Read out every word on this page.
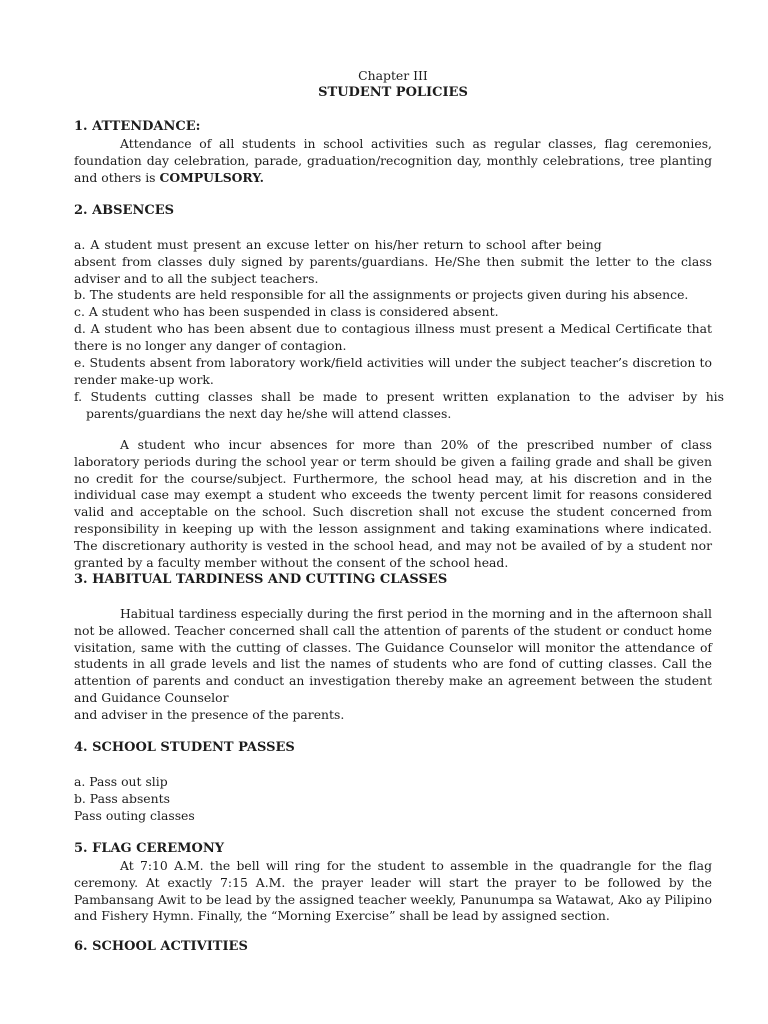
Chapter III
STUDENT POLICIES
1. ATTENDANCE:

Attendance of all students in school activities such as regular classes, flag ceremonies, foundation day celebration, parade, graduation/recognition day, monthly celebrations, tree planting and others is COMPULSORY.

2. ABSENCES

a. A student must present an excuse letter on his/her return to school after being                       absent from classes duly signed by parents/guardians. He/She then submit the letter to the class adviser and to all the subject teachers.

b. The students are held responsible for all the assignments or projects given during his absence.

c. A student who has been suspended in class is considered absent.

d. A student who has been absent due to contagious illness must present a Medical Certificate that there is no longer any danger of contagion.

e. Students absent from laboratory work/field activities will under the subject teacher’s discretion to render make-up work.

f. Students cutting classes shall be made to present written explanation to the adviser by his parents/guardians the next day he/she will attend classes.

A student who incur absences for more than 20% of the prescribed number of class laboratory periods during the school year or term should be given a failing grade and shall be given no credit for the course/subject. Furthermore, the school head may, at his discretion and in the individual case may exempt a student who exceeds the twenty percent limit for reasons considered valid and acceptable on the school. Such discretion shall not excuse the student concerned from responsibility in keeping up with the lesson assignment and taking examinations where indicated. The discretionary authority is vested in the school head, and may not be availed of by a student nor granted by a faculty member without the consent of the school head.

3. HABITUAL TARDINESS AND CUTTING CLASSES

Habitual tardiness especially during the first period in the morning and in the afternoon shall not be allowed. Teacher concerned shall call the attention of parents of the student or conduct home visitation, same with the cutting of classes. The Guidance Counselor will monitor the attendance of students in all grade levels and list the names of students who are fond of cutting classes. Call the attention of parents and conduct an investigation thereby make an agreement between the student and Guidance Counselor

and adviser in the presence of the parents.

4. SCHOOL STUDENT PASSES

a. Pass out slip

b. Pass absents

Pass outing classes

5. FLAG CEREMONY

At 7:10 A.M. the bell will ring for the student to assemble in the quadrangle for the flag ceremony. At exactly 7:15 A.M. the prayer leader will start the prayer to be followed by the Pambansang Awit to be lead by the assigned teacher weekly, Panunumpa sa Watawat, Ako ay Pilipino and Fishery Hymn. Finally, the “Morning Exercise” shall be lead by assigned section.

6. SCHOOL ACTIVITIES
